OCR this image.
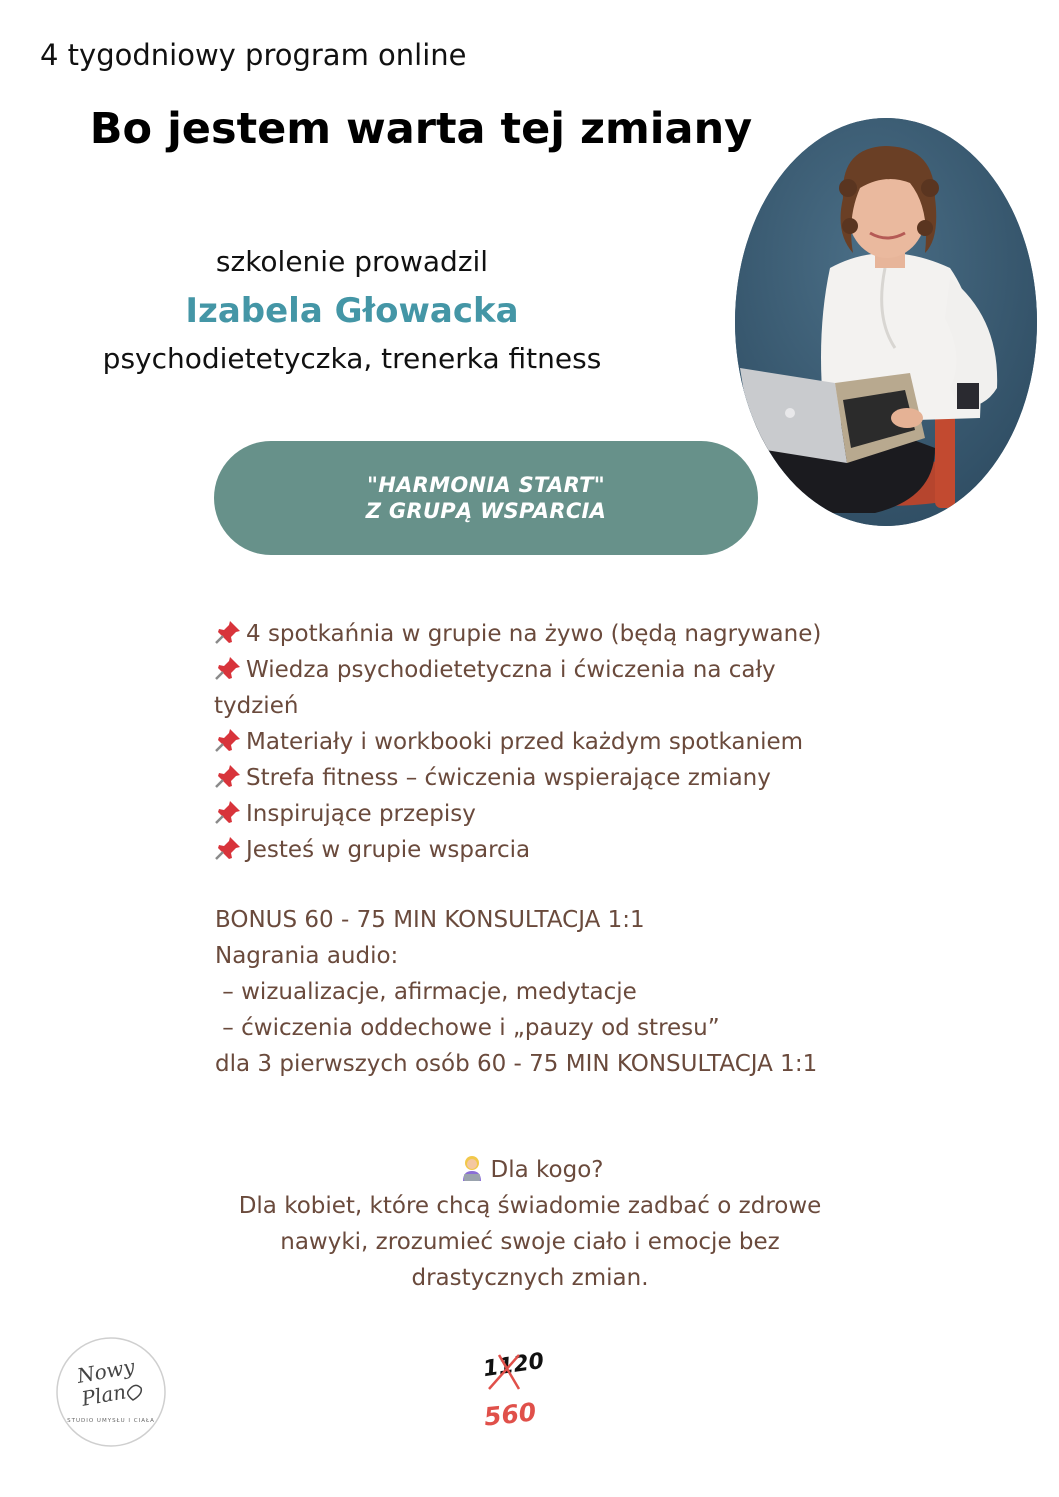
4 tygodniowy program online
Bo jestem warta tej zmiany

szkolenie prowadzil

Izabela Głowacka

psychodietetyczka, trenerka fitness

"HARMONIA START"
Z GRUPĄ WSPARCIA
4 spotkańnia w grupie na żywo (będą nagrywane)
Wiedza psychodietetyczna i ćwiczenia na cały tydzień
Materiały i workbooki przed każdym spotkaniem
Strefa fitness – ćwiczenia wspierające zmiany
Inspirujące przepisy
Jesteś w grupie wsparcia
BONUS 60 - 75 MIN KONSULTACJA 1:1
Nagrania audio:
– wizualizacje, afirmacje, medytacje
– ćwiczenia oddechowe i „pauzy od stresu”
dla 3 pierwszych osób 60 - 75 MIN KONSULTACJA 1:1
Dla kogo?
Dla kobiet, które chcą świadomie zadbać o zdrowe
nawyki, zrozumieć swoje ciało i emocje bez
drastycznych zmian.
Nowy
Plan
STUDIO UMYSŁU I CIAŁA
1120
560
